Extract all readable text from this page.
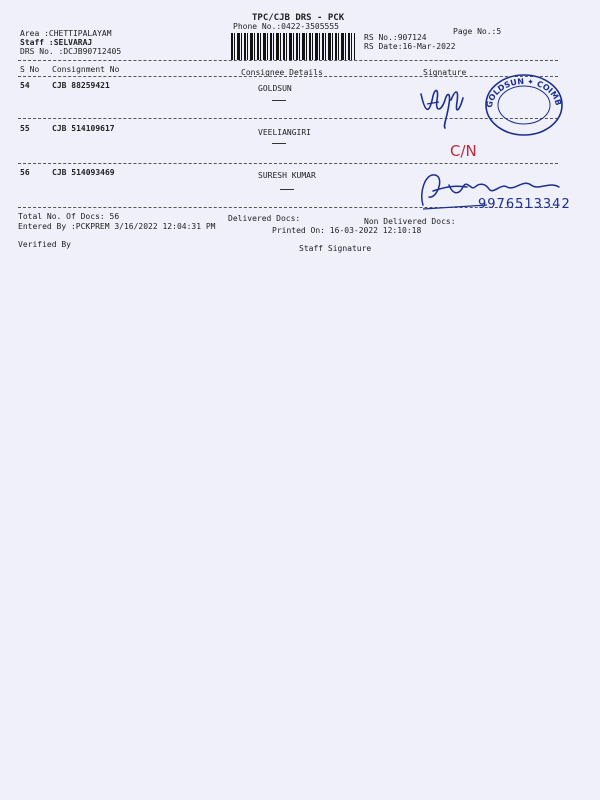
TPC/CJB DRS - PCK
Phone No.:0422-3505555
Area :CHETTIPALAYAM
Staff :SELVARAJ
DRS No. :DCJB90712405
Page No.:5
RS No.:907124
RS Date:16-Mar-2022
S No Consignment No	Consignee Details	Signature
54	CJB 88259421	GOLDSUN
55	CJB 514109617	VEELIANGIRI
56	CJB 514093469	SURESH KUMAR
Total No. Of Docs: 56	Delivered Docs:	Non Delivered Docs:
Entered By :PCKPREM 3/16/2022 12:04:31 PM	Printed On: 16-03-2022 12:10:18
Verified By	Staff Signature
GOLDSUN ✦ COIMBATORE
C/N
9976513342
